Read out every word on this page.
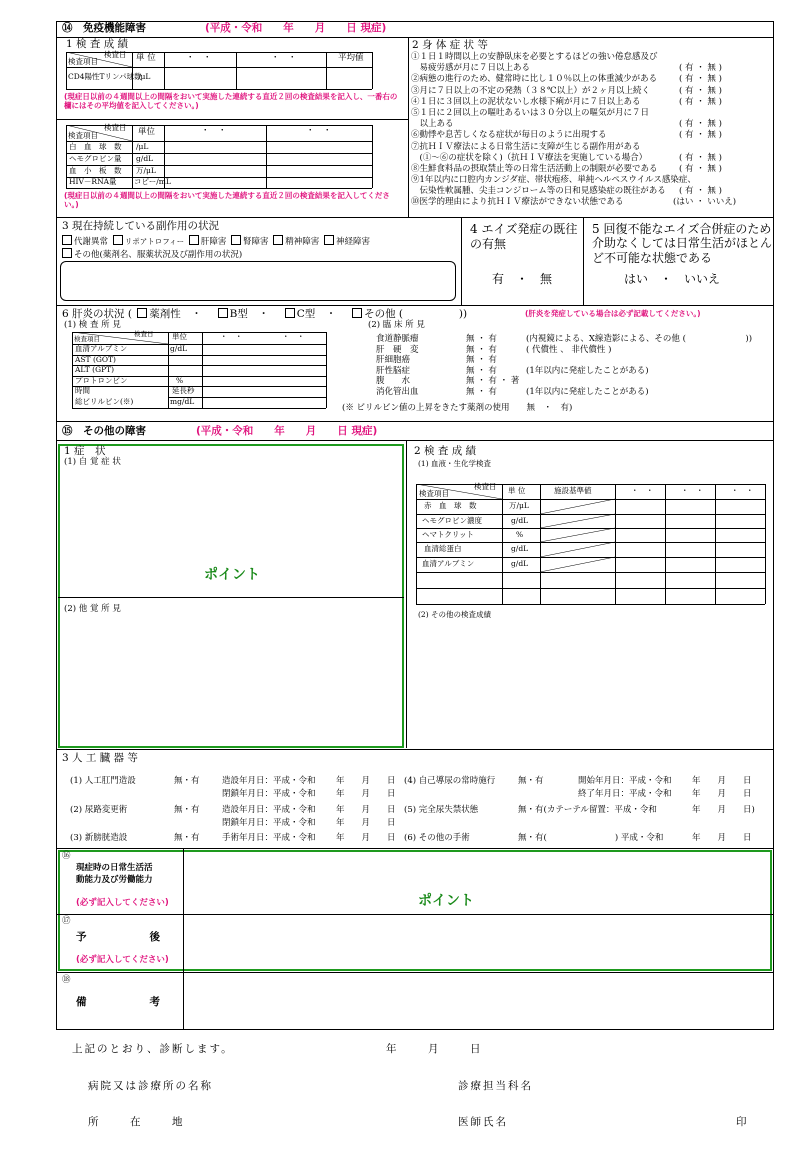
⑭　 免疫機能障害	(平成・令和　　年　　月　　日 現症)
1 検 査 成 績
検査日
検査項目	単 位	・　・	・　・	平均値
CD4陽性Tリンパ球数
/μL
(現症日以前の４週間以上の間隔をおいて実施した連続する直近２回の検査結果を記入し、一番右の欄にはその平均値を記入してください。)
検査日
検査項目	単位	・　・	・　・
白　血　球　数 /μL
ヘモグロビン量 g/dL
血　小　板　数 万/μL
HIV－RNA量 コピー/mL
(現症日以前の４週間以上の間隔をおいて実施した連続する直近２回の検査結果を記入してください。)
2 身 体 症 状 等
①１日１時間以上の安静臥床を必要とするほどの強い倦怠感及び
　易疲労感が月に７日以上ある	( 有 ・ 無 )
②病態の進行のため、健常時に比し１０％以上の体重減少がある	( 有 ・ 無 )
③月に７日以上の不定の発熱（３８℃以上）が２ヶ月以上続く	( 有 ・ 無 )
④１日に３回以上の泥状ないし水様下痢が月に７日以上ある	( 有 ・ 無 )
⑤１日に２回以上の嘔吐あるいは３０分以上の嘔気が月に７日
　以上ある	( 有 ・ 無 )
⑥動悸や息苦しくなる症状が毎日のように出現する	( 有 ・ 無 )
⑦抗ＨＩＶ療法による日常生活に支障が生じる副作用がある
　(①～⑥の症状を除く)（抗ＨＩＶ療法を実施している場合）	( 有 ・ 無 )
⑧生鮮食料品の摂取禁止等の日常生活活動上の制限が必要である	( 有 ・ 無 )
⑨1年以内に口腔内カンジダ症、帯状疱疹、単純ヘルペスウイルス感染症、
　伝染性軟属腫、尖圭コンジローム等の日和見感染症の既往がある ( 有 ・ 無 )
⑩医学的理由により抗ＨＩＶ療法ができない状態である	(はい ・ いいえ)
3 現在持続している副作用の状況
代謝異常 リポアトロフィー 肝障害 腎障害 精神障害 神経障害
その他(薬剤名、服薬状況及び副作用の状況)
4 エイズ発症の既往の有無
有　・　無
5 回復不能なエイズ合併症のため介助なくしては日常生活がほとんど不可能な状態である
はい　・　いいえ
6 肝炎の状況 ( 薬剤性　・　 B型　・　 C型　・　 その他 (　　　　　	))	(肝炎を発症している場合は必ず記載してください。)
(1) 検 査 所 見	(2) 臨 床 所 見
検査日
検査項目	単位	・　・	・　・
血清アルブミン	g/dL
AST (GOT)
ALT (GPT)
プロトロンビン	%
時間	延長秒
総ビリルビン(※)	mg/dL
食道静脈瘤	無 ・ 有	(内視鏡による、X線造影による、その他 (　　　　　　　))
肝　硬　変	無 ・ 有	( 代償性 、 非代償性 )
肝細胞癌	無 ・ 有
肝性脳症	無 ・ 有	(1年以内に発症したことがある)
腹　　水	無 ・ 有 ・ 著
消化管出血	無 ・ 有	(1年以内に発症したことがある)
(※ ビリルビン値の上昇をきたす薬剤の使用　　無　・　有)
⑮　 その他の障害	(平成・令和　　年　　月　　日 現症)
1 症　状
(1) 自 覚 症 状
ポイント
(2) 他 覚 所 見
2 検 査 成 績
(1) 血液・生化学検査
検査日
検査項目	単 位	施設基準値	・　・	・　・	・　・
赤　血　球　数	万/μL
ヘモグロビン濃度	g/dL
ヘマトクリット	%
血清総蛋白	g/dL
血清アルブミン	g/dL
(2) その他の検査成績
3 人 工 臓 器 等
(1) 人工肛門造設	無・有	造設年月日：平成・令和 年　　月　　日
閉鎖年月日：平成・令和 年　　月　　日
(2) 尿路変更術	無・有	造設年月日：平成・令和 年　　月　　日
閉鎖年月日：平成・令和 年　　月　　日
(3) 新膀胱造設	無・有	手術年月日：平成・令和 年　　月　　日
(4) 自己導尿の常時施行	無・有	開始年月日：平成・令和 年　　月　　日
終了年月日：平成・令和 年　　月　　日
(5) 完全尿失禁状態	無・有(カテーテル留置：平成・令和	年　　月　　日)
(6) その他の手術	無・有(　　　　　　　　) 平成・令和	年　　月　　日
⑯
現症時の日常生活活
動能力及び労働能力
(必ず記入してください)	ポイント
⑰
予　　　　　　後
(必ず記入してください)
⑱
備　　　　　　考
上記のとおり、診断します。	年　　　月　　　日
病院又は診療所の名称	診療担当科名
所　　　在　　　地	医師氏名	印
